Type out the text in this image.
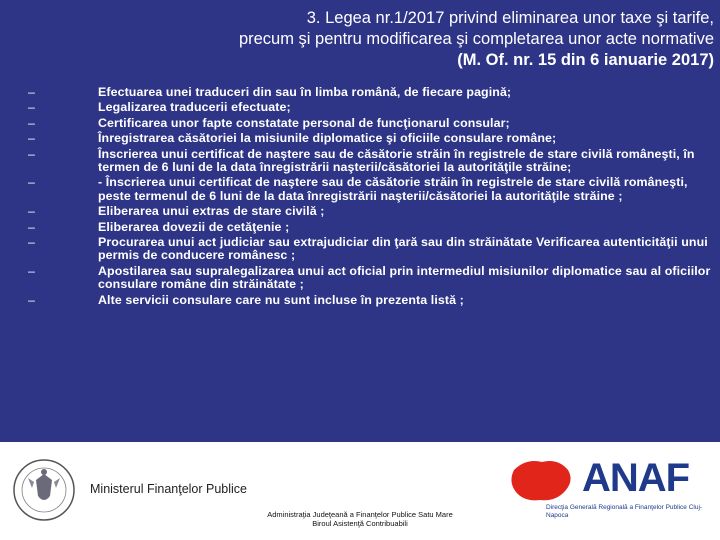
3. Legea nr.1/2017 privind eliminarea unor taxe şi tarife,
precum şi pentru modificarea şi completarea unor acte normative
(M. Of. nr. 15 din 6 ianuarie 2017)
–	Efectuarea unei traduceri din sau în limba română, de fiecare pagină;
–	Legalizarea traducerii efectuate;
–	Certificarea unor fapte constatate personal de funcţionarul consular;
–	Înregistrarea căsătoriei la misiunile diplomatice şi oficiile consulare române;
–	Înscrierea unui certificat de naştere sau de căsătorie străin în registrele de stare civilă româneşti, în termen de 6 luni de la data înregistrării naşterii/căsătoriei la autorităţile străine;
–	- Înscrierea unui certificat de naştere sau de căsătorie străin în registrele de stare civilă româneşti, peste termenul de 6 luni de la data înregistrării naşterii/căsătoriei la autorităţile străine ;
–	Eliberarea unui extras de stare civilă ;
–	Eliberarea dovezii de cetăţenie ;
–	Procurarea unui act judiciar sau extrajudiciar din ţară sau din străinătate Verificarea autenticităţii unui permis de conducere românesc ;
–	Apostilarea sau supralegalizarea unui act oficial prin intermediul misiunilor diplomatice sau al oficiilor consulare române din străinătate ;
–	Alte servicii consulare care nu sunt incluse în prezenta listă ;
Ministerul Finanţelor Publice	ANAF
Direcţia Generală Regională a Finanţelor Publice Cluj-Napoca
Administraţia Judeţeană a Finanţelor Publice Satu Mare
Biroul Asistenţă Contribuabili
